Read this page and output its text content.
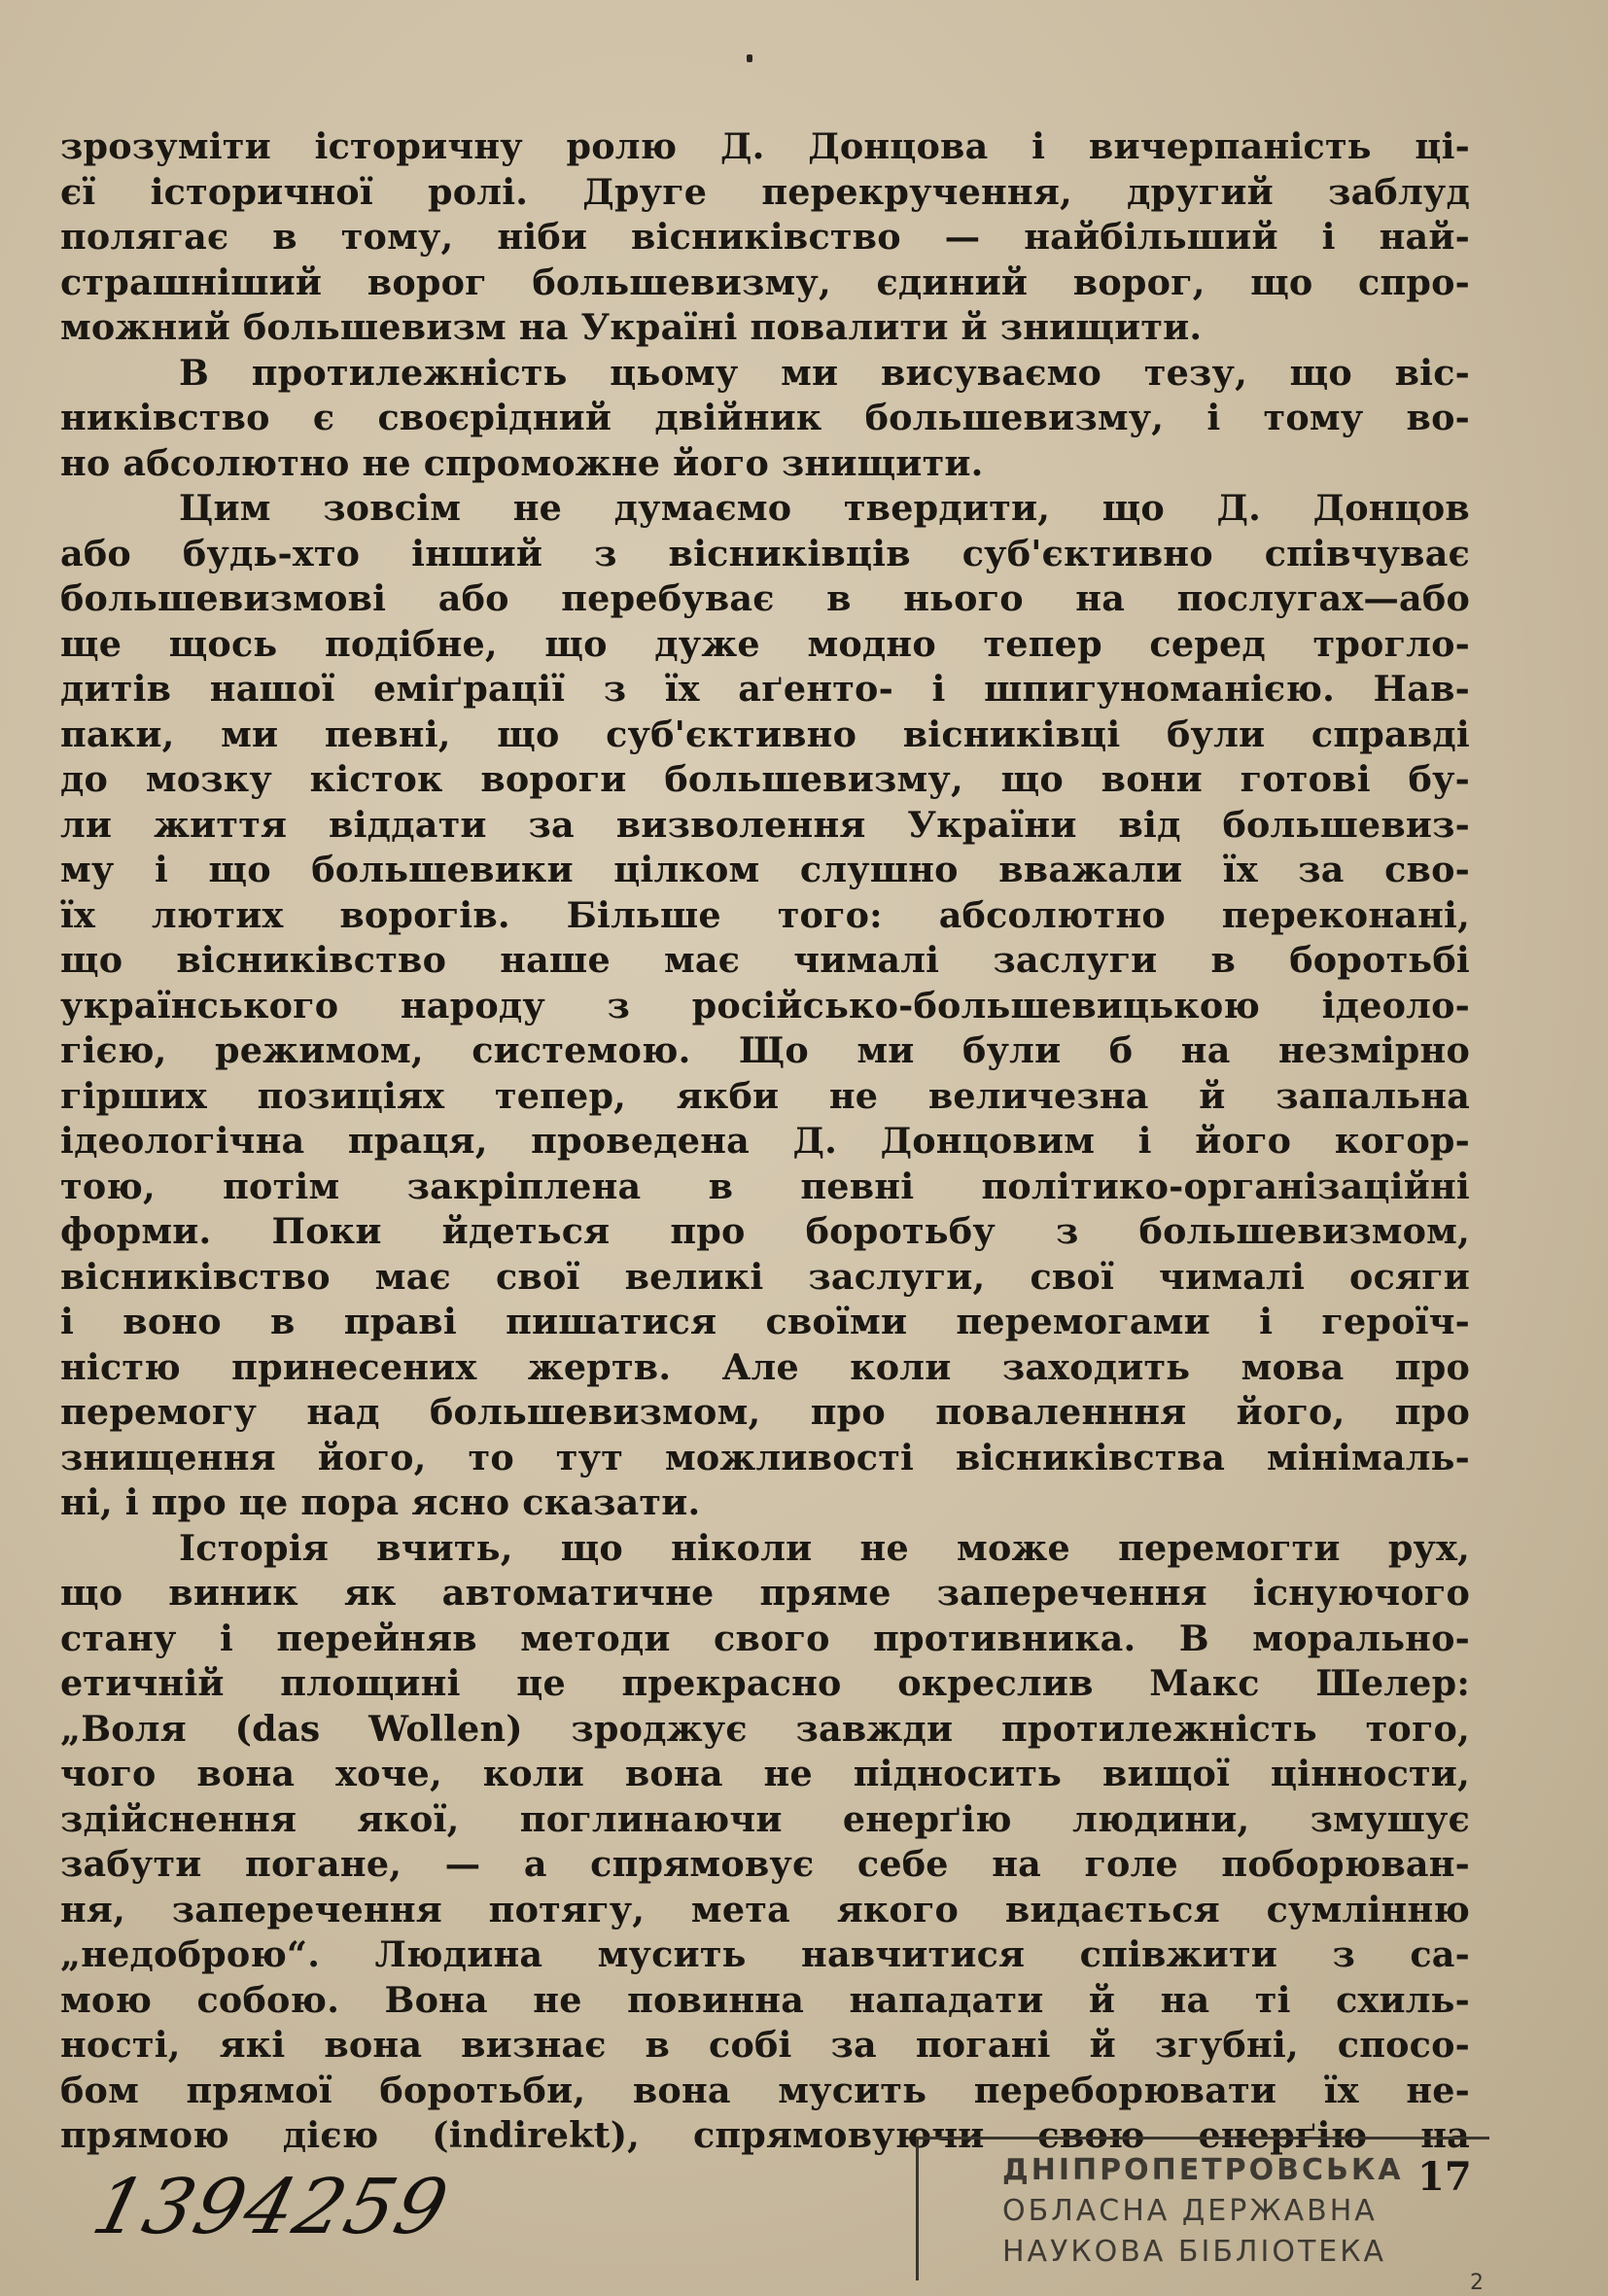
зрозуміти історичну ролю Д. Донцова і вичерпаність ці-
єї історичної ролі. Друге перекручення, другий заблуд
полягає в тому, ніби вісниківство — найбільший і най-
страшніший ворог большевизму, єдиний ворог, що спро-
можний большевизм на Україні повалити й знищити.
В протилежність цьому ми висуваємо тезу, що віс-
никівство є своєрідний двійник большевизму, і тому во-
но абсолютно не спроможне його знищити.
Цим зовсім не думаємо твердити, що Д. Донцов
або будь-хто інший з вісниківців суб'єктивно співчуває
большевизмові або перебуває в нього на послугах—або
ще щось подібне, що дуже модно тепер серед трогло-
дитів нашої еміґрації з їх аґенто- і шпигуноманією. Нав-
паки, ми певні, що суб'єктивно вісниківці були справді
до мозку кісток вороги большевизму, що вони готові бу-
ли життя віддати за визволення України від большевиз-
му і що большевики цілком слушно вважали їх за сво-
їх лютих ворогів. Більше того: абсолютно переконані,
що вісниківство наше має чималі заслуги в боротьбі
українського народу з російсько-большевицькою ідеоло-
гією, режимом, системою. Що ми були б на незмірно
гірших позиціях тепер, якби не величезна й запальна
ідеологічна праця, проведена Д. Донцовим і його когор-
тою, потім закріплена в певні політико-організаційні
форми. Поки йдеться про боротьбу з большевизмом,
вісниківство має свої великі заслуги, свої чималі осяги
і воно в праві пишатися своїми перемогами і героїч-
ністю принесених жертв. Але коли заходить мова про
перемогу над большевизмом, про поваленння його, про
знищення його, то тут можливості вісниківства мінімаль-
ні, і про це пора ясно сказати.
Історія вчить, що ніколи не може перемогти рух,
що виник як автоматичне пряме заперечення існуючого
стану і перейняв методи свого противника. В морально-
етичній площині це прекрасно окреслив Макс Шелер:
„Воля (das Wollen) зроджує завжди протилежність того,
чого вона хоче, коли вона не підносить вищої цінности,
здійснення якої, поглинаючи енерґію людини, змушує
забути погане, — а спрямовує себе на голе поборюван-
ня, заперечення потягу, мета якого видається сумлінню
„недоброю“. Людина мусить навчитися співжити з са-
мою собою. Вона не повинна нападати й на ті схиль-
ності, які вона визнає в собі за погані й згубні, спосо-
бом прямої боротьби, вона мусить переборювати їх не-
прямою дією (indirekt), спрямовуючи свою енерґію на
1394259	ДНІПРОПЕТРОВСЬКА
ОБЛАСНА ДЕРЖАВНА
НАУКОВА БІБЛІОТЕКА
17
2
